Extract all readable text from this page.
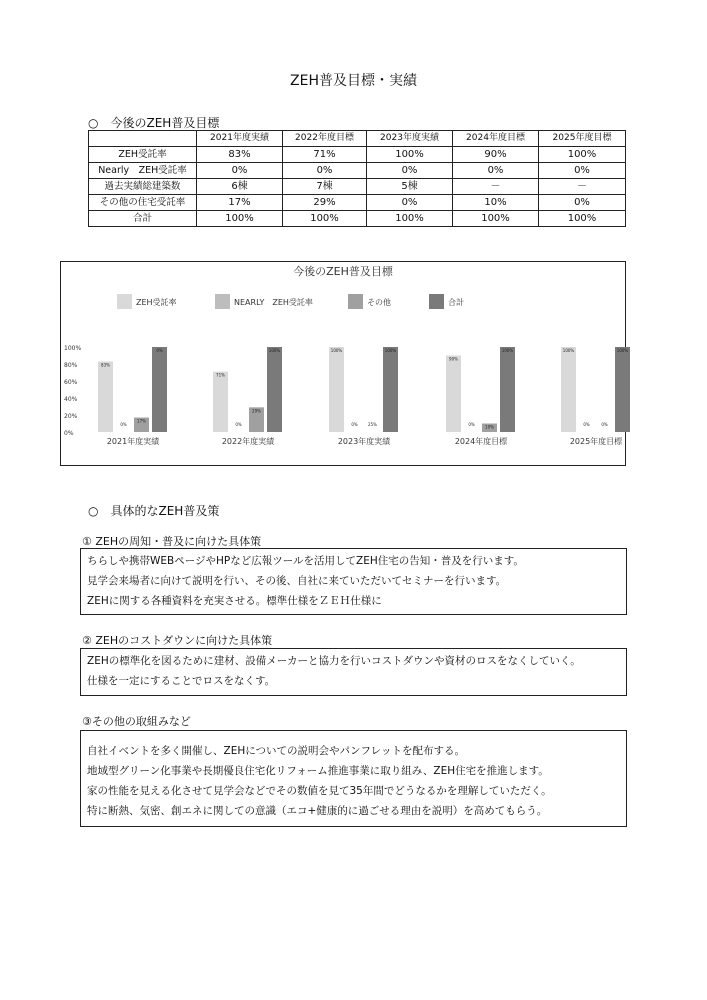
ZEH普及目標・実績
○　 今後のZEH普及目標
	2021年度実績	2022年度目標	2023年度実績	2024年度目標	2025年度目標
ZEH受託率	83%	71%	100%	90%	100%
Nearly　ZEH受託率	0%	0%	0%	0%	0%
過去実績総建築数	6棟	7棟	5棟	－	－
その他の住宅受託率	17%	29%	0%	10%	0%
合計	100%	100%	100%	100%	100%
今後のZEH普及目標
ZEH受託率	NEARLY　ZEH受託率	その他	合計
0%
20%
40%
60%
80%
100%
83%
0%
17%
0%
2021年度実績
71%
0%
29%
100%
2022年度実績
100%
0%	25%
100%
2023年度実績
90%
0%	10%
100%
2024年度目標
100%
0%	0%
100%
2025年度目標
○　 具体的なZEH普及策
① ZEHの周知・普及に向けた具体策
ちらしや携帯WEBページやHPなど広報ツールを活用してZEH住宅の告知・普及を行います。
見学会来場者に向けて説明を行い、その後、自社に来ていただいてセミナーを行います。
ZEHに関する各種資料を充実させる。標準仕様をＺＥＨ仕様に
② ZEHのコストダウンに向けた具体策
ZEHの標準化を図るために建材、設備メーカーと協力を行いコストダウンや資材のロスをなくしていく。
仕様を一定にすることでロスをなくす。
③その他の取組みなど
自社イベントを多く開催し、ZEHについての説明会やパンフレットを配布する。
地域型グリーン化事業や長期優良住宅化リフォーム推進事業に取り組み、ZEH住宅を推進します。
家の性能を見える化させて見学会などでその数値を見て35年間でどうなるかを理解していただく。
特に断熱、気密、創エネに関しての意識（エコ+健康的に過ごせる理由を説明）を高めてもらう。
